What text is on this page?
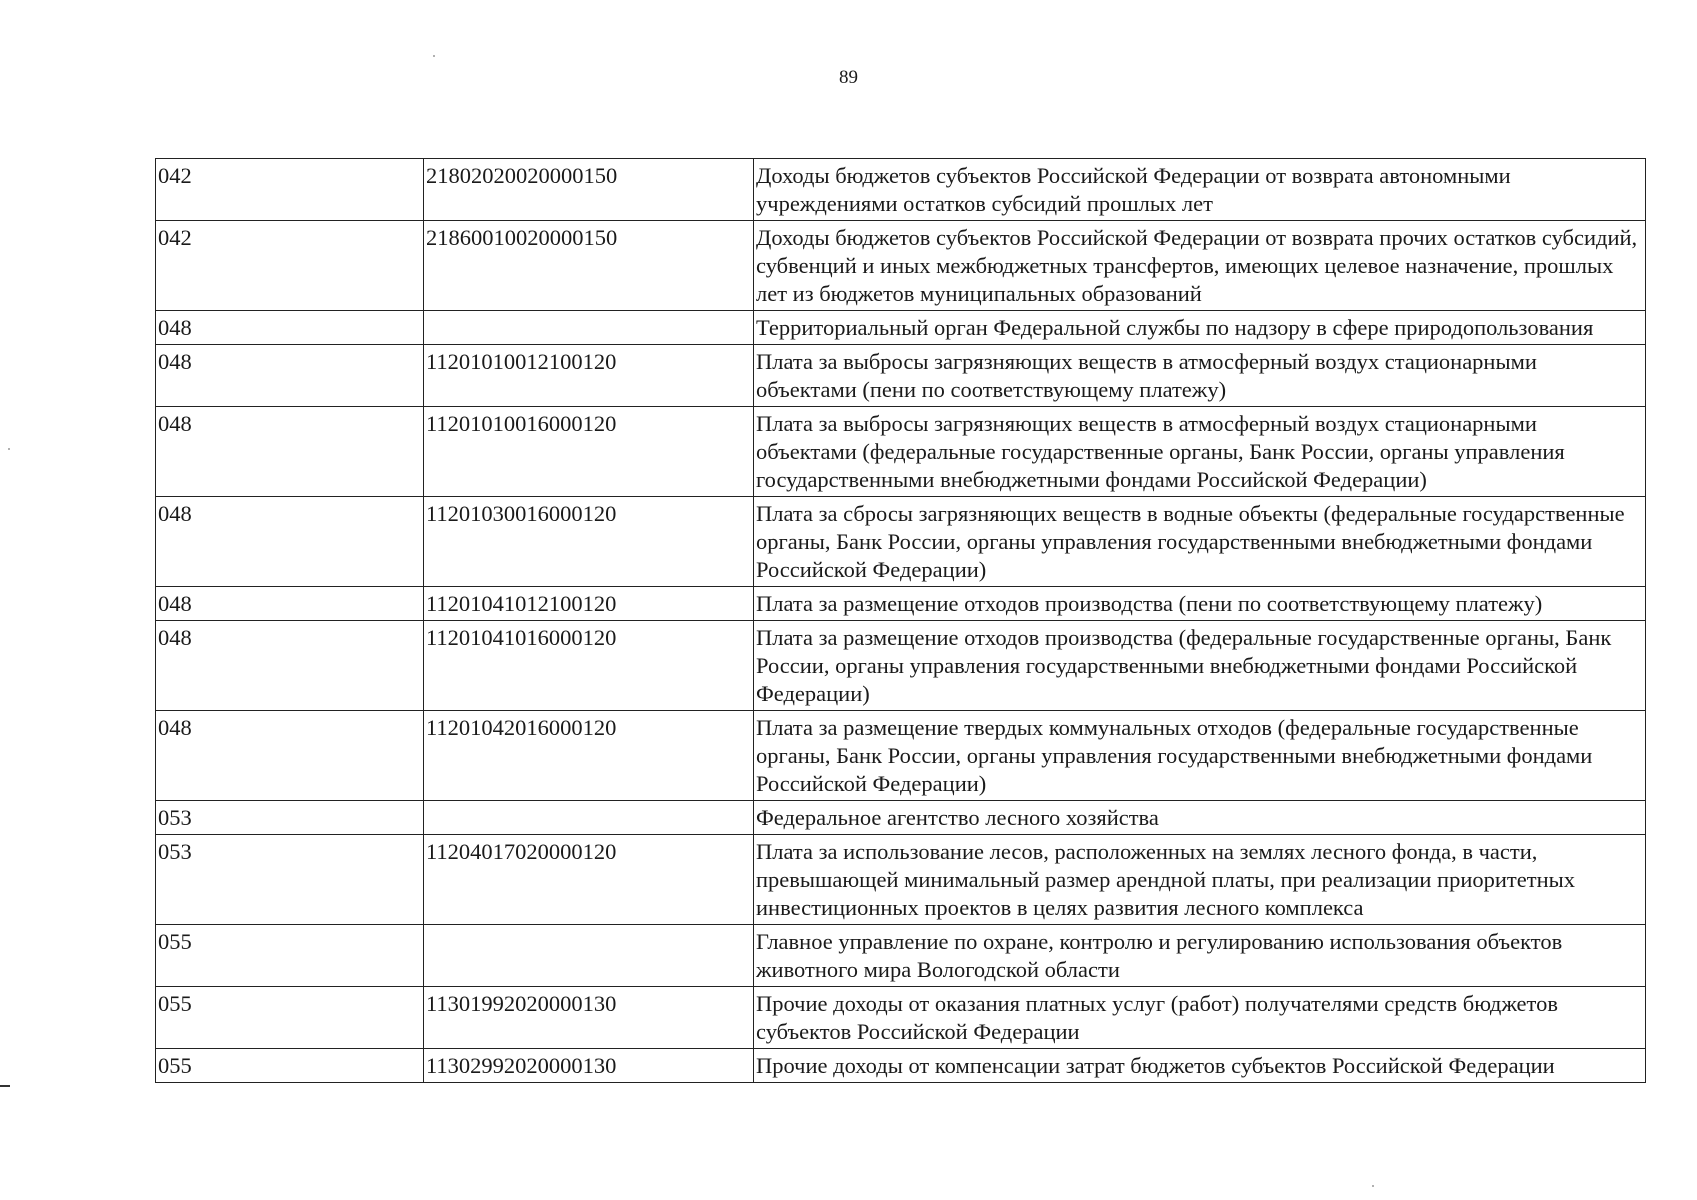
89
042	21802020020000150	Доходы бюджетов субъектов Российской Федерации от возврата автономными учреждениями остатков субсидий прошлых лет
042	21860010020000150	Доходы бюджетов субъектов Российской Федерации от возврата прочих остатков субсидий, субвенций и иных межбюджетных трансфертов, имеющих целевое назначение, прошлых лет из бюджетов муниципальных образований
048		Территориальный орган Федеральной службы по надзору в сфере природопользования
048	11201010012100120	Плата за выбросы загрязняющих веществ в атмосферный воздух стационарными объектами (пени по соответствующему платежу)
048	11201010016000120	Плата за выбросы загрязняющих веществ в атмосферный воздух стационарными объектами (федеральные государственные органы, Банк России, органы управления государственными внебюджетными фондами Российской Федерации)
048	11201030016000120	Плата за сбросы загрязняющих веществ в водные объекты (федеральные государственные органы, Банк России, органы управления государственными внебюджетными фондами Российской Федерации)
048	11201041012100120	Плата за размещение отходов производства (пени по соответствующему платежу)
048	11201041016000120	Плата за размещение отходов производства (федеральные государственные органы, Банк России, органы управления государственными внебюджетными фондами Российской Федерации)
048	11201042016000120	Плата за размещение твердых коммунальных отходов (федеральные государственные органы, Банк России, органы управления государственными внебюджетными фондами Российской Федерации)
053		Федеральное агентство лесного хозяйства
053	11204017020000120	Плата за использование лесов, расположенных на землях лесного фонда, в части, превышающей минимальный размер арендной платы, при реализации приоритетных инвестиционных проектов в целях развития лесного комплекса
055		Главное управление по охране, контролю и регулированию использования объектов животного мира Вологодской области
055	11301992020000130	Прочие доходы от оказания платных услуг (работ) получателями средств бюджетов субъектов Российской Федерации
055	11302992020000130	Прочие доходы от компенсации затрат бюджетов субъектов Российской Федерации
